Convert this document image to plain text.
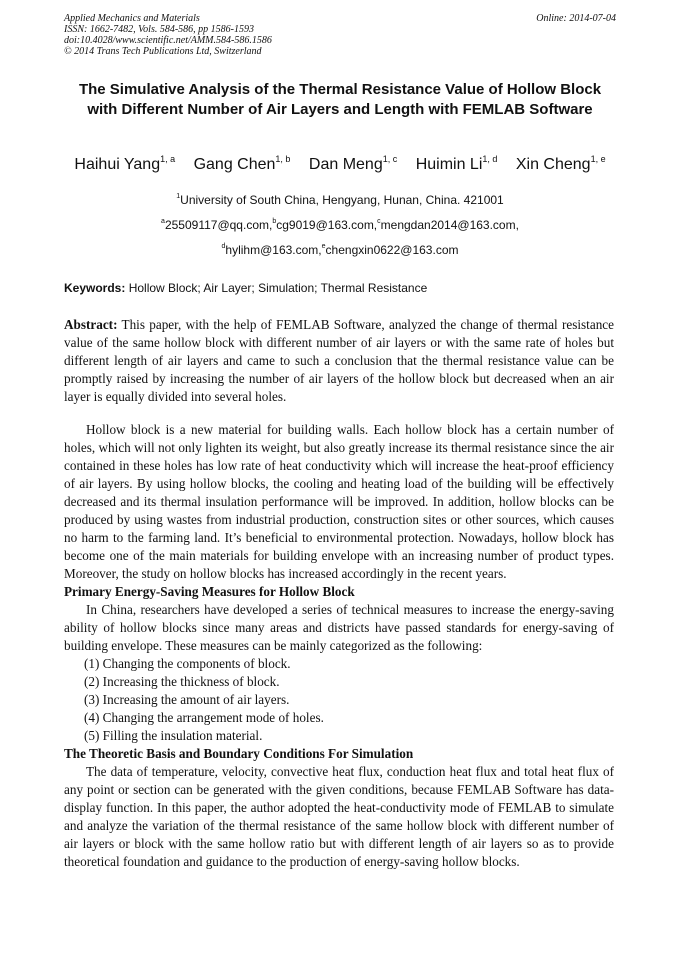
Applied Mechanics and Materials
ISSN: 1662-7482, Vols. 584-586, pp 1586-1593
doi:10.4028/www.scientific.net/AMM.584-586.1586
© 2014 Trans Tech Publications Ltd, Switzerland
Online: 2014-07-04
The Simulative Analysis of the Thermal Resistance Value of Hollow Block with Different Number of Air Layers and Length with FEMLAB Software
Haihui Yang$^{1, a}$ Gang Chen$^{1, b}$ Dan Meng$^{1, c}$ Huimin Li$^{1, d}$ Xin Cheng$^{1, e}$
$^1$University of South China, Hengyang, Hunan, China. 421001
$^a$25509117@qq.com,$^b$cg9019@163.com,$^c$mengdan2014@163.com,
$^d$hylihm@163.com,$^e$chengxin0622@163.com
Keywords: Hollow Block; Air Layer; Simulation; Thermal Resistance

Abstract: This paper, with the help of FEMLAB Software, analyzed the change of thermal resistance value of the same hollow block with different number of air layers or with the same rate of holes but different length of air layers and came to such a conclusion that the thermal resistance value can be promptly raised by increasing the number of air layers of the hollow block but decreased when an air layer is equally divided into several holes.

Hollow block is a new material for building walls. Each hollow block has a certain number of holes, which will not only lighten its weight, but also greatly increase its thermal resistance since the air contained in these holes has low rate of heat conductivity which will increase the heat-proof efficiency of air layers. By using hollow blocks, the cooling and heating load of the building will be effectively decreased and its thermal insulation performance will be improved. In addition, hollow blocks can be produced by using wastes from industrial production, construction sites or other sources, which causes no harm to the farming land. It’s beneficial to environmental protection. Nowadays, hollow block has become one of the main materials for building envelope with an increasing number of product types. Moreover, the study on hollow blocks has increased accordingly in the recent years.

Primary Energy-Saving Measures for Hollow Block

In China, researchers have developed a series of technical measures to increase the energy-saving ability of hollow blocks since many areas and districts have passed standards for energy-saving of building envelope. These measures can be mainly categorized as the following:

(1) Changing the components of block.
(2) Increasing the thickness of block.
(3) Increasing the amount of air layers.
(4) Changing the arrangement mode of holes.
(5) Filling the insulation material.

The Theoretic Basis and Boundary Conditions For Simulation

The data of temperature, velocity, convective heat flux, conduction heat flux and total heat flux of any point or section can be generated with the given conditions, because FEMLAB Software has data-display function. In this paper, the author adopted the heat-conductivity mode of FEMLAB to simulate and analyze the variation of the thermal resistance of the same hollow block with different number of air layers or block with the same hollow ratio but with different length of air layers so as to provide theoretical foundation and guidance to the production of energy-saving hollow blocks.
